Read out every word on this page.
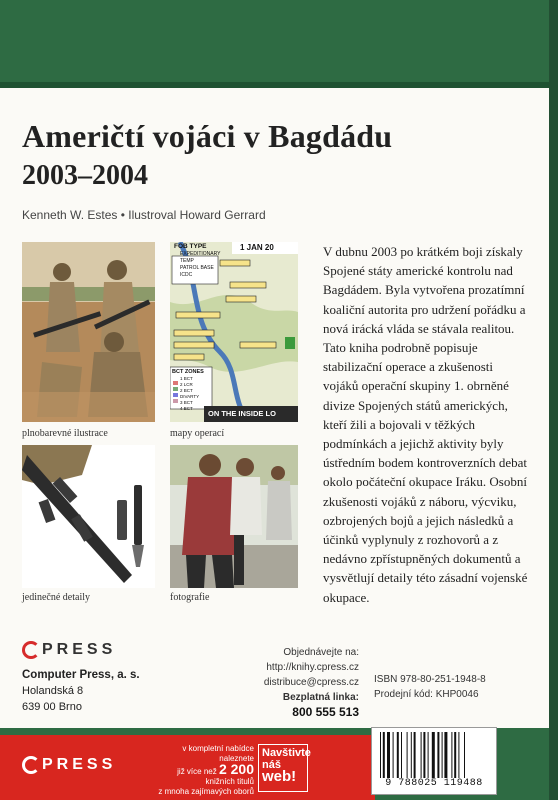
Američtí vojáci v Bagdádu
2003–2004
Kenneth W. Estes • Ilustroval Howard Gerrard
plnobarevné ilustrace
FOB TYPE
EXPEDITIONARY
TEMP
PATROL BASE
ICDC
1 JAN 20
BCT ZONES
1 BCT
2 LCR
2 BCT
DIVARTY
3 BCT
4 BCT
ON THE INSIDE LO
mapy operací
jedinečné detaily	fotografie

V dubnu 2003 po krátkém boji získaly Spojené státy americké kontrolu nad Bagdádem. Byla vytvořena prozatímní koaliční autorita pro udržení pořádku a nová irácká vláda se stávala realitou. Tato kniha podrobně popisuje stabilizační operace a zkušenosti vojáků operační skupiny 1. obrněné divize Spojených států amerických, kteří žili a bojovali v těžkých podmínkách a jejichž aktivity byly ústředním bodem kontroverzních debat okolo počáteční okupace Iráku. Osobní zkušenosti vojáků z náboru, výcviku, ozbrojených bojů a jejich následků a účinků vyplynuly z rozhovorů a z nedávno zpřístupněných dokumentů a vysvětlují detaily této zásadní vojenské okupace.

PRESS
Computer Press, a. s.
Holandská 8
639 00 Brno
Objednávejte na:
http://knihy.cpress.cz
distribuce@cpress.cz
Bezplatná linka:
800 555 513
ISBN 978-80-251-1948-8
Prodejní kód: KHP0046
PRESS
v kompletní nabídce naleznete
již více než 2 200 knižních titulů
z mnoha zajímavých oborů
Navštivte
náš
web!	9 788025 119488
